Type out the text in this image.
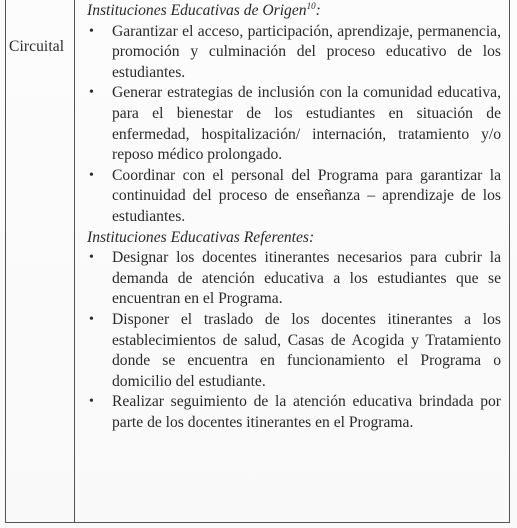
Circuital

Instituciones Educativas de Origen$^{10}$:

• Garantizar el acceso, participación, aprendizaje, permanencia, promoción y culminación del proceso educativo de los estudiantes.
• Generar estrategias de inclusión con la comunidad educativa, para el bienestar de los estudiantes en situación de enfermedad, hospitalización/ internación, tratamiento y/o reposo médico prolongado.
• Coordinar con el personal del Programa para garantizar la continuidad del proceso de enseñanza – aprendizaje de los estudiantes.

Instituciones Educativas Referentes:

• Designar los docentes itinerantes necesarios para cubrir la demanda de atención educativa a los estudiantes que se encuentran en el Programa.
• Disponer el traslado de los docentes itinerantes a los establecimientos de salud, Casas de Acogida y Tratamiento donde se encuentra en funcionamiento el Programa o domicilio del estudiante.
• Realizar seguimiento de la atención educativa brindada por parte de los docentes itinerantes en el Programa.
